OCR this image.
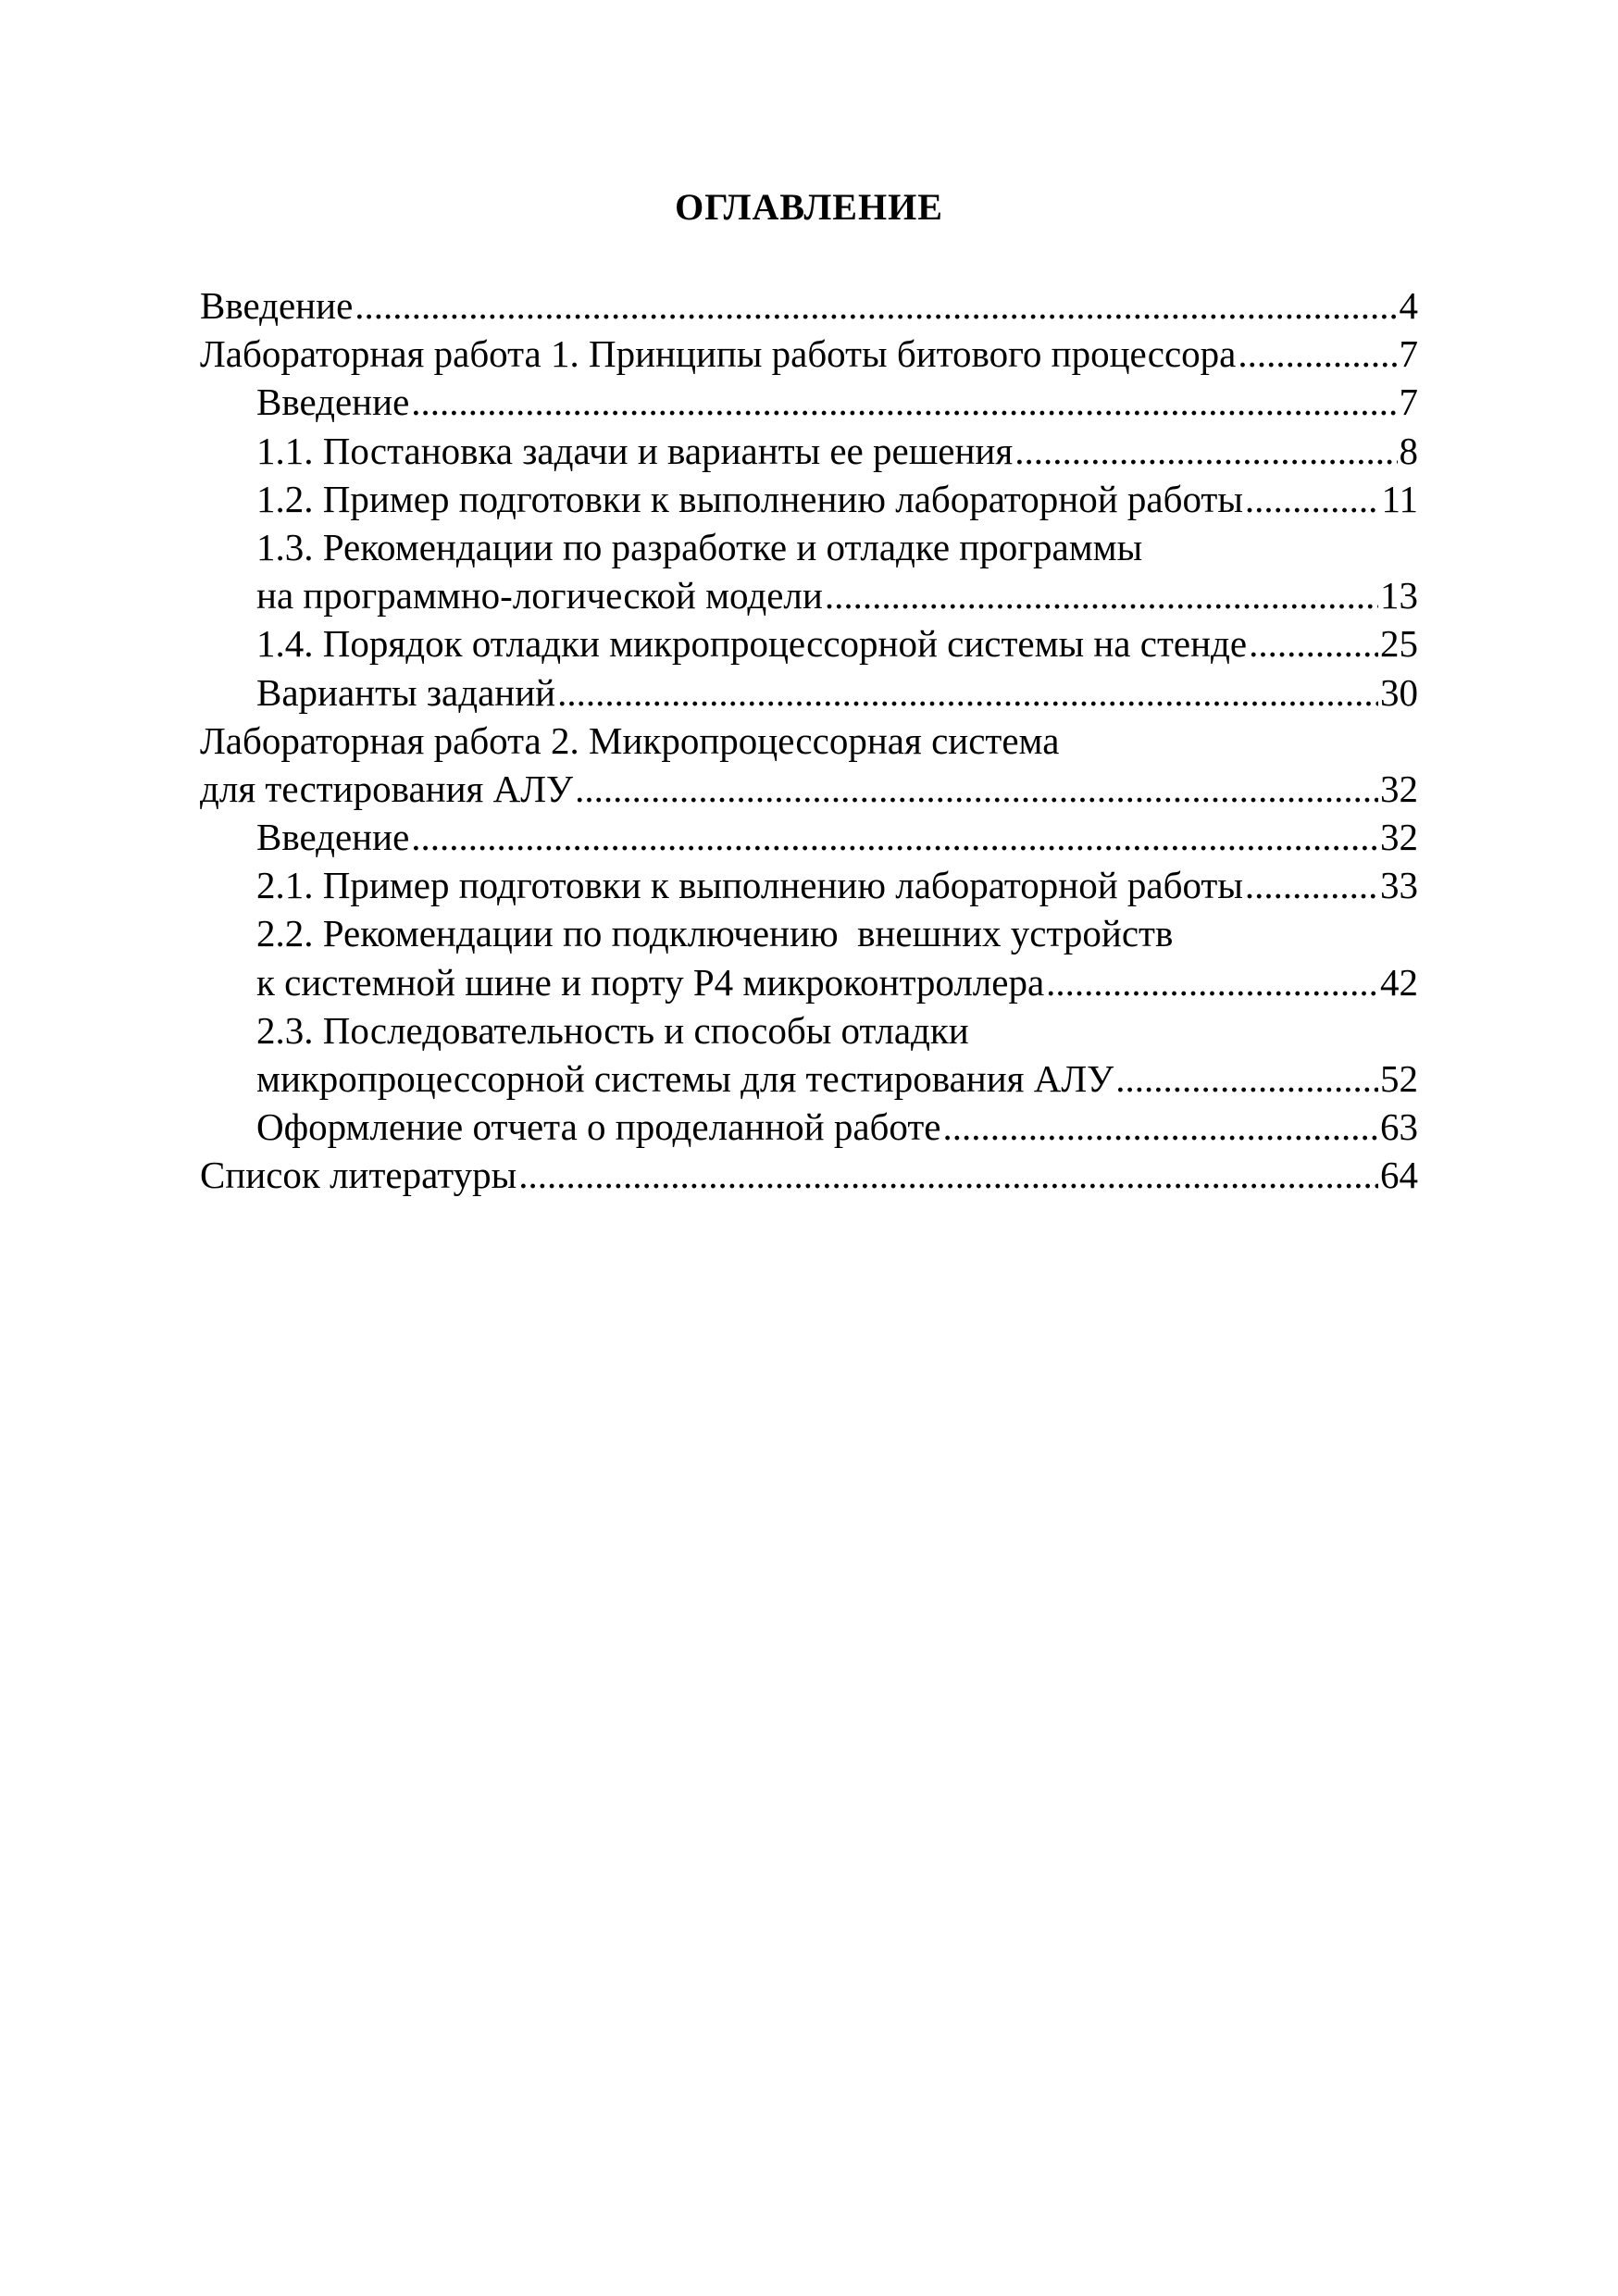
ОГЛАВЛЕНИЕ
Введение .....	4
Лабораторная работа 1. Принципы работы битового процессора .....	7
Введение .....	7
1.1. Постановка задачи и варианты ее решения .....	8
1.2. Пример подготовки к выполнению лабораторной работы .....	11
1.3. Рекомендации по разработке и отладке программы
на программно-логической модели .....	13
1.4. Порядок отладки микропроцессорной системы на стенде .....	25
Варианты заданий .....	30
Лабораторная работа 2. Микропроцессорная система
для тестирования АЛУ .....	32
Введение .....	32
2.1. Пример подготовки к выполнению лабораторной работы .....	33
2.2. Рекомендации по подключению  внешних устройств
к системной шине и порту P4 микроконтроллера .....	42
2.3. Последовательность и способы отладки
микропроцессорной системы для тестирования АЛУ .....	52
Оформление отчета о проделанной работе .....	63
Список литературы .....	64
